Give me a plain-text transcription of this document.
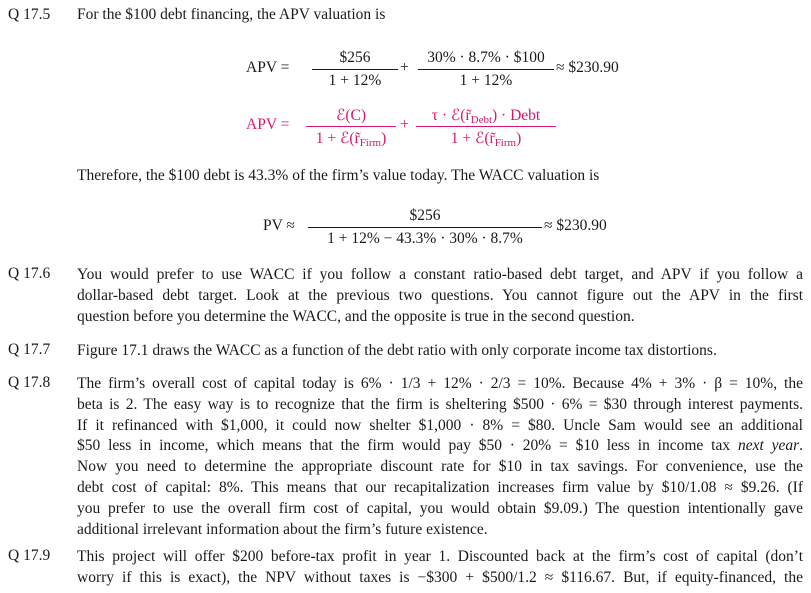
Q 17.5 For the $100 debt financing, the APV valuation is
APV =
$256
1 + 12%
+
30% · 8.7% · $100
1 + 12%
≈ $230.90
APV =
ℰ(C)
$1 + ℰ(r̃_{Firm})$
+
$\tau \cdot ℰ(r̃_{Debt})$ · Debt
$1 + ℰ(r̃_{Firm})$
Therefore, the $100 debt is 43.3% of the firm’s value today. The WACC valuation is
PV ≈
$256
1 + 12% − 43.3% · 30% · 8.7%
≈ $230.90
Q 17.6 You would prefer to use WACC if you follow a constant ratio-based debt target, and APV if you follow a
dollar-based debt target. Look at the previous two questions. You cannot figure out the APV in the first
question before you determine the WACC, and the opposite is true in the second question.
Q 17.7 Figure 17.1 draws the WACC as a function of the debt ratio with only corporate income tax distortions.
Q 17.8 The firm’s overall cost of capital today is 6% · 1/3 + 12% · 2/3 = 10%. Because 4% + 3% · β = 10%, the
beta is 2. The easy way is to recognize that the firm is sheltering $500 · 6% = $30 through interest payments.
If it refinanced with $1,000, it could now shelter $1,000 · 8% = $80. Uncle Sam would see an additional
$50 less in income, which means that the firm would pay $50 · 20% = $10 less in income tax next year.
Now you need to determine the appropriate discount rate for $10 in tax savings. For convenience, use the
debt cost of capital: 8%. This means that our recapitalization increases firm value by $10/1.08 ≈ $9.26. (If
you prefer to use the overall firm cost of capital, you would obtain $9.09.) The question intentionally gave
additional irrelevant information about the firm’s future existence.
Q 17.9 This project will offer $200 before-tax profit in year 1. Discounted back at the firm’s cost of capital (don’t
worry if this is exact), the NPV without taxes is −$300 + $500/1.2 ≈ $116.67. But, if equity-financed, the
